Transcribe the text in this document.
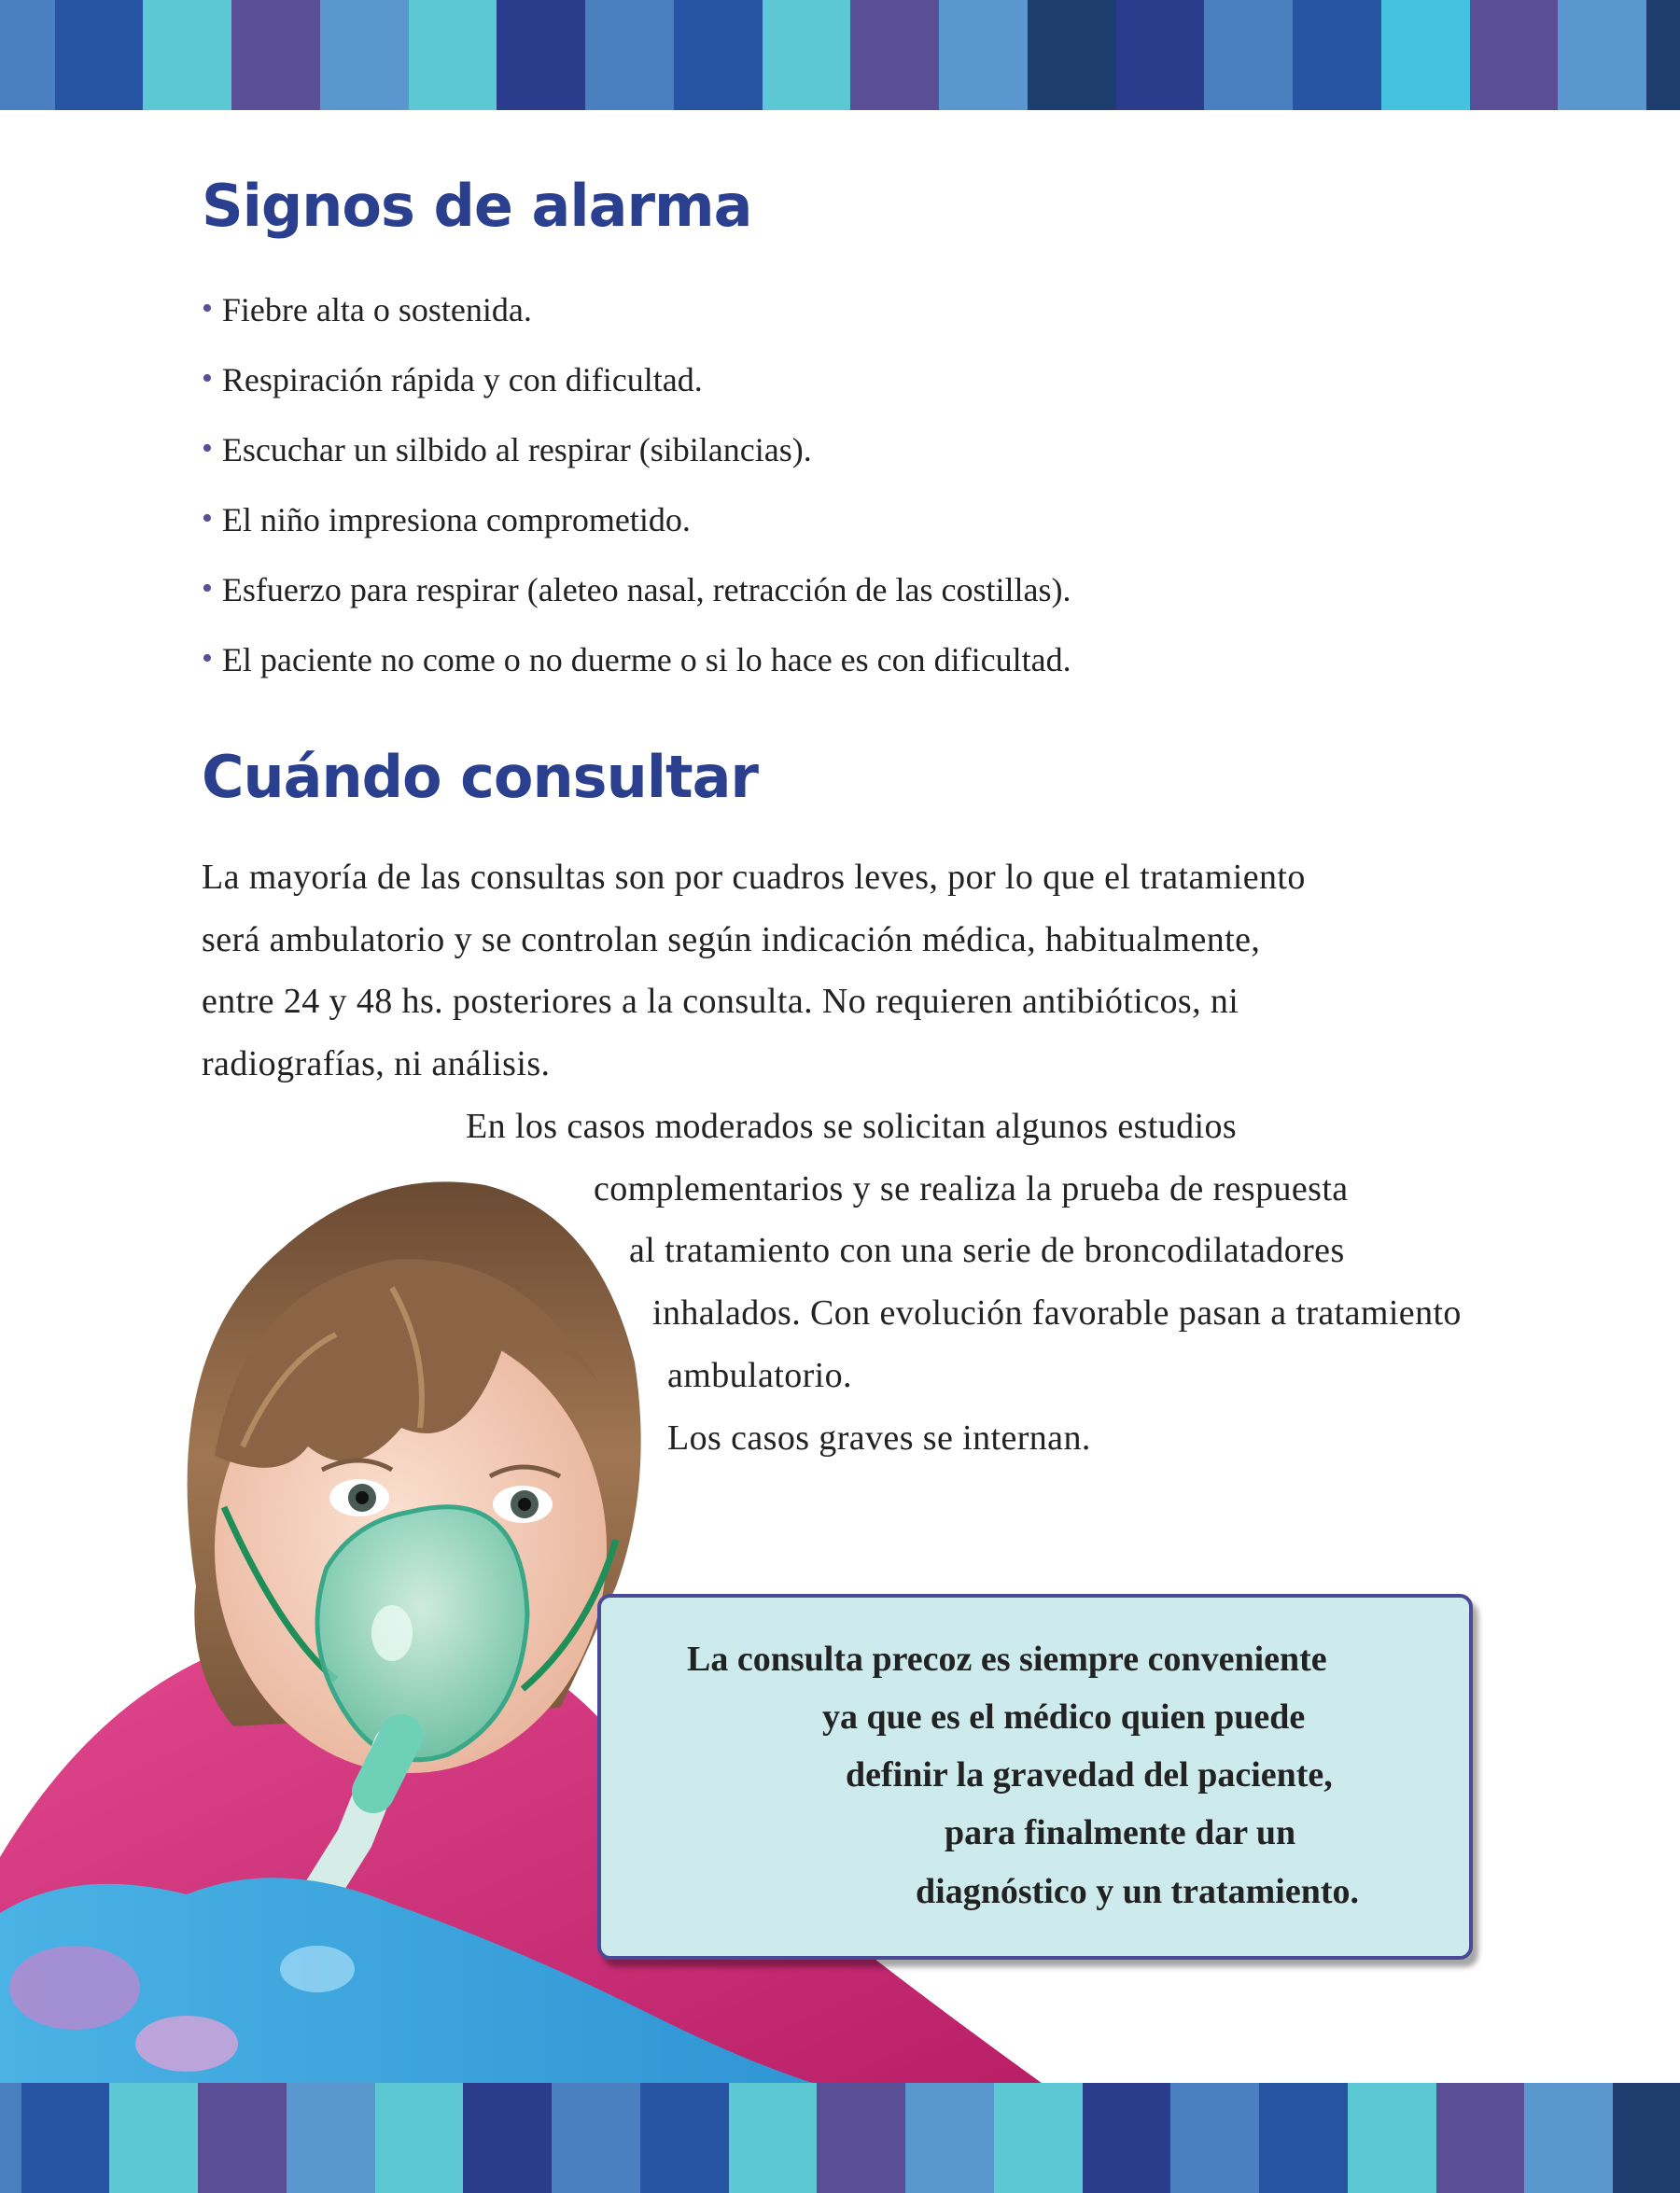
Signos de alarma
• Fiebre alta o sostenida.
• Respiración rápida y con dificultad.
• Escuchar un silbido al respirar (sibilancias).
• El niño impresiona comprometido.
• Esfuerzo para respirar (aleteo nasal, retracción de las costillas).
• El paciente no come o no duerme o si lo hace es con dificultad.
Cuándo consultar

La mayoría de las consultas son por cuadros leves, por lo que el tratamiento

será ambulatorio y se controlan según indicación médica, habitualmente,

entre 24 y 48 hs. posteriores a la consulta. No requieren antibióticos, ni

radiografías, ni análisis.

En los casos moderados se solicitan algunos estudios

complementarios y se realiza la prueba de respuesta

al tratamiento con una serie de broncodilatadores

inhalados. Con evolución favorable pasan a tratamiento

ambulatorio.

Los casos graves se internan.

La consulta precoz es siempre conveniente

ya que es el médico quien puede

definir la gravedad del paciente,

para finalmente dar un

diagnóstico y un tratamiento.
